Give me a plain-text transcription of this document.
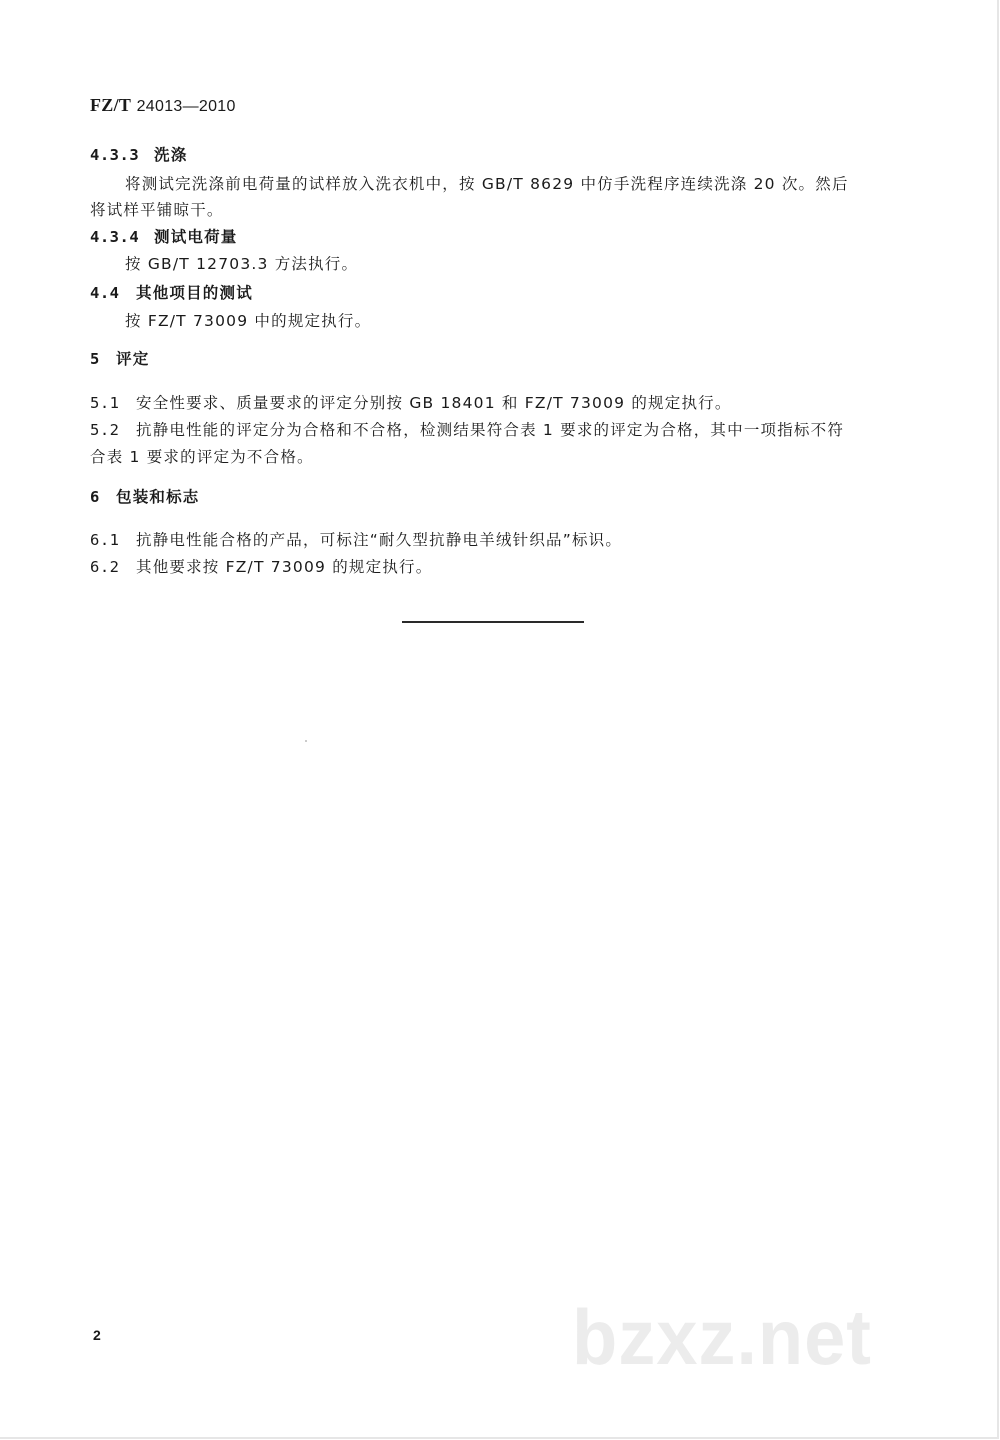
FZ/T 24013—2010
4.3.3 洗涤
将测试完洗涤前电荷量的试样放入洗衣机中，按 GB/T 8629 中仿手洗程序连续洗涤 20 次。然后
将试样平铺晾干。
4.3.4 测试电荷量
按 GB/T 12703.3 方法执行。
4.4 其他项目的测试
按 FZ/T 73009 中的规定执行。
5 评定
5.1 安全性要求、质量要求的评定分别按 GB 18401 和 FZ/T 73009 的规定执行。
5.2 抗静电性能的评定分为合格和不合格，检测结果符合表 1 要求的评定为合格，其中一项指标不符
合表 1 要求的评定为不合格。
6 包装和标志
6.1 抗静电性能合格的产品，可标注“耐久型抗静电羊绒针织品”标识。
6.2 其他要求按 FZ/T 73009 的规定执行。
2	bzxz.net
